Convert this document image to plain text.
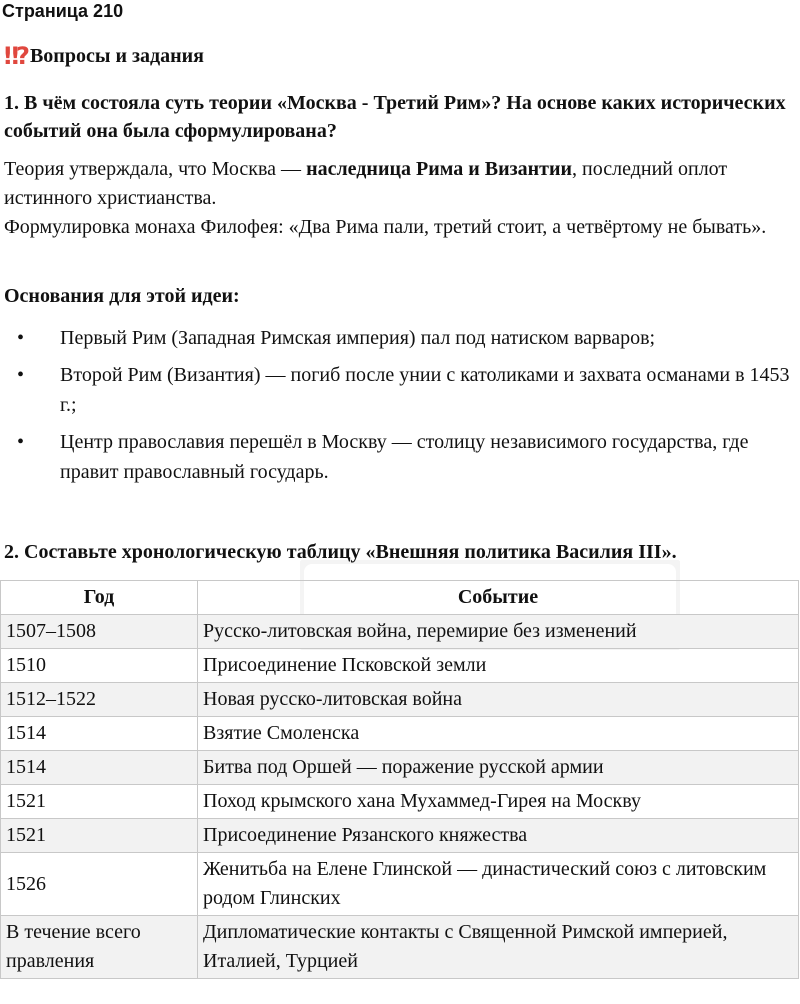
Страница 210
‼? Вопросы и задания
1. В чём состояла суть теории «Москва - Третий Рим»? На основе каких исторических событий она была сформулирована?

Теория утверждала, что Москва — наследница Рима и Византии, последний оплот истинного христианства.

Формулировка монаха Филофея: «Два Рима пали, третий стоит, а четвёртому не бывать».

Основания для этой идеи:
• Первый Рим (Западная Римская империя) пал под натиском варваров;
• Второй Рим (Византия) — погиб после унии с католиками и захвата османами в 1453 г.;
• Центр православия перешёл в Москву — столицу независимого государства, где правит православный государь.
2. Составьте хронологическую таблицу «Внешняя политика Василия III».
Год	Событие
1507–1508	Русско-литовская война, перемирие без изменений
1510	Присоединение Псковской земли
1512–1522	Новая русско-литовская война
1514	Взятие Смоленска
1514	Битва под Оршей — поражение русской армии
1521	Поход крымского хана Мухаммед-Гирея на Москву
1521	Присоединение Рязанского княжества
1526	Женитьба на Елене Глинской — династический союз с литовским родом Глинских
В течение всего правления	Дипломатические контакты с Священной Римской империей, Италией, Турцией
